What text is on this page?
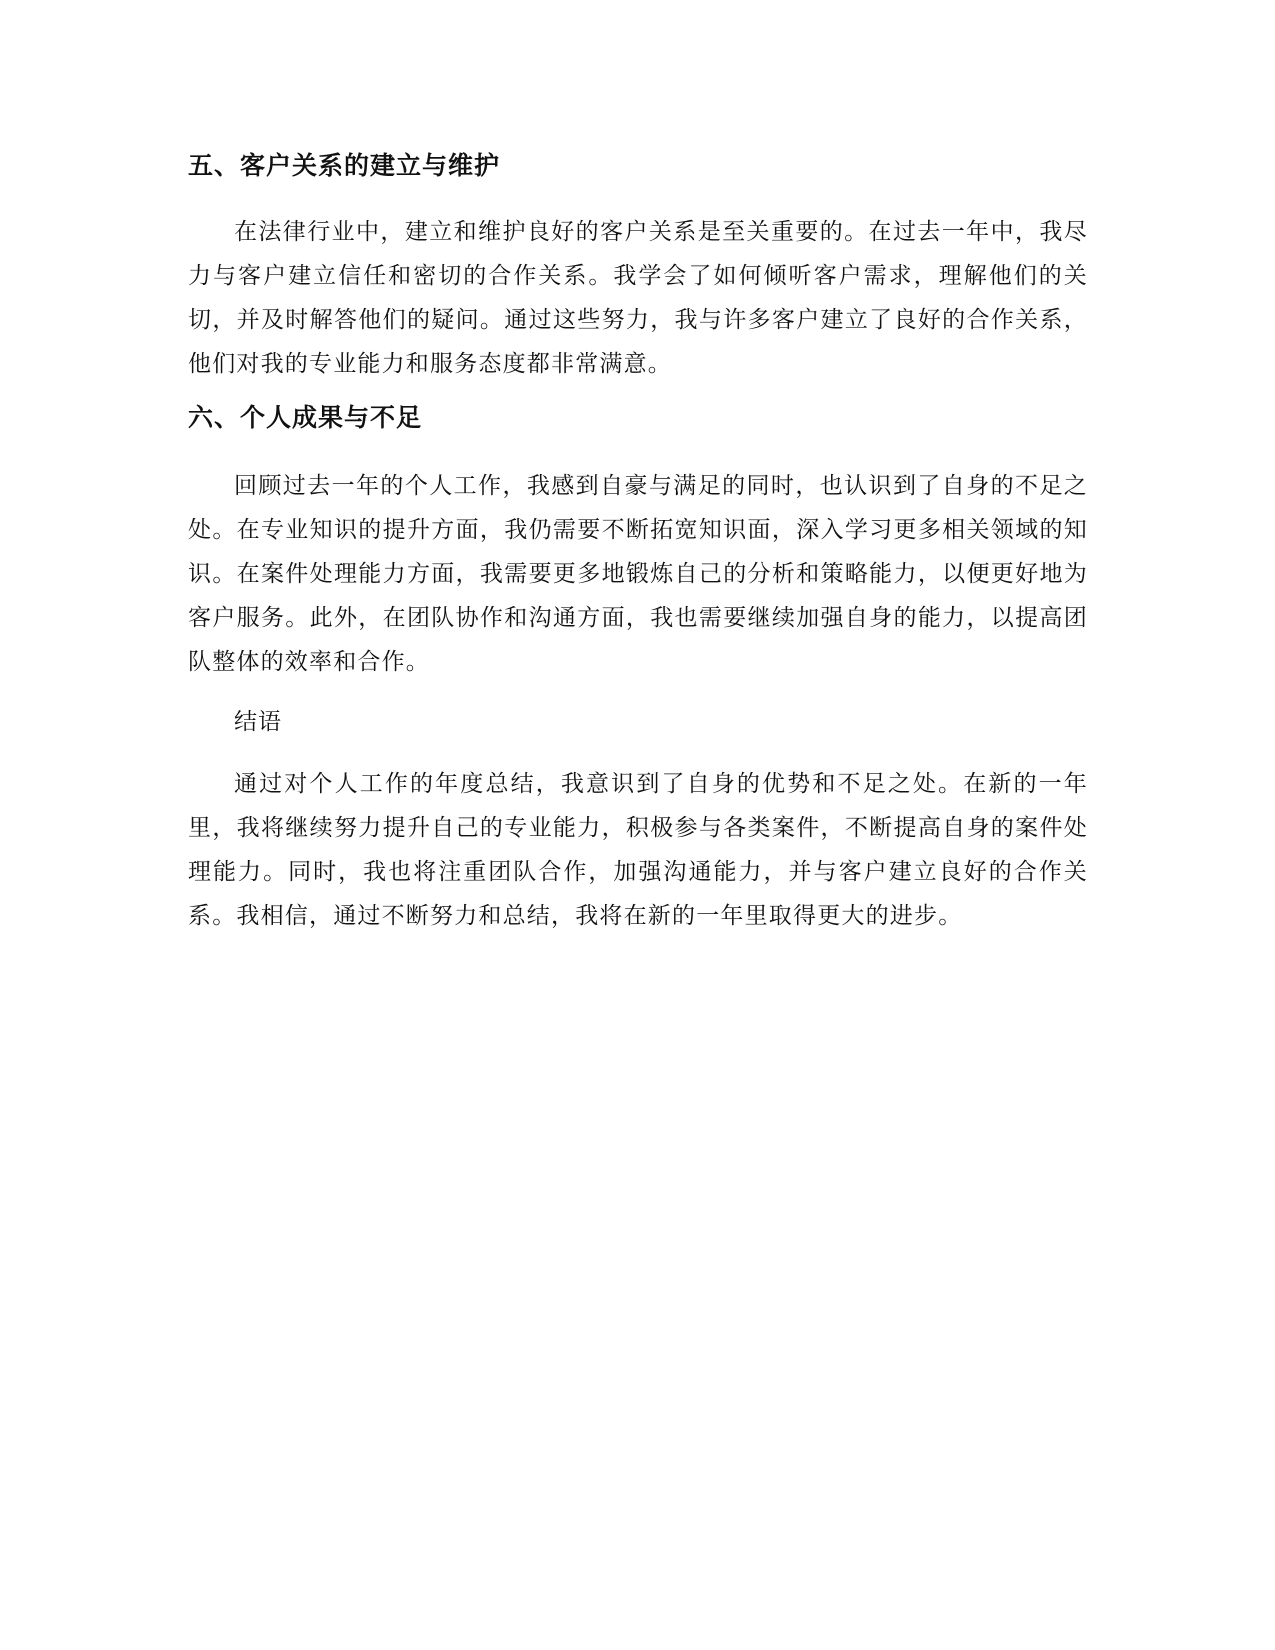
五、客户关系的建立与维护

在法律行业中，建立和维护良好的客户关系是至关重要的。在过去一年中，我尽力与客户建立信任和密切的合作关系。我学会了如何倾听客户需求，理解他们的关切，并及时解答他们的疑问。通过这些努力，我与许多客户建立了良好的合作关系，他们对我的专业能力和服务态度都非常满意。

六、个人成果与不足

回顾过去一年的个人工作，我感到自豪与满足的同时，也认识到了自身的不足之处。在专业知识的提升方面，我仍需要不断拓宽知识面，深入学习更多相关领域的知识。在案件处理能力方面，我需要更多地锻炼自己的分析和策略能力，以便更好地为客户服务。此外，在团队协作和沟通方面，我也需要继续加强自身的能力，以提高团队整体的效率和合作。

结语

通过对个人工作的年度总结，我意识到了自身的优势和不足之处。在新的一年里，我将继续努力提升自己的专业能力，积极参与各类案件，不断提高自身的案件处理能力。同时，我也将注重团队合作，加强沟通能力，并与客户建立良好的合作关系。我相信，通过不断努力和总结，我将在新的一年里取得更大的进步。
